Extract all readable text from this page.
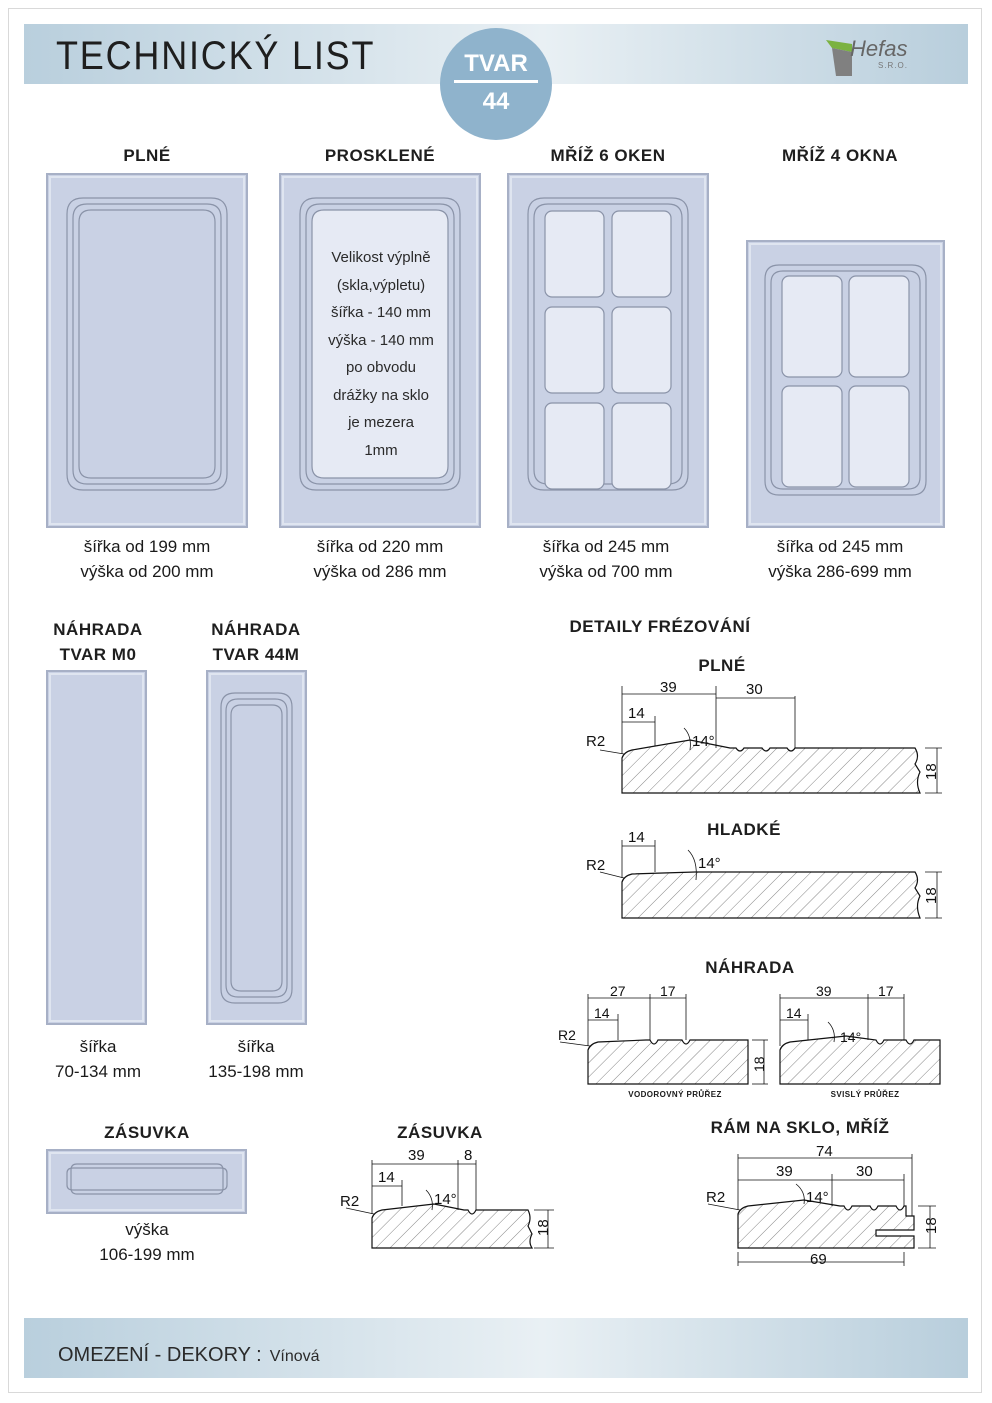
TECHNICKÝ LIST	TVAR
44
Hefas
S.R.O.
PLNÉ	PROSKLENÉ	MŘÍŽ 6 OKEN	MŘÍŽ 4 OKNA
Velikost výplně
(skla,výpletu)
šířka - 140 mm
výška - 140 mm
po obvodu
drážky na sklo
je mezera
1mm
šířka od 199 mm
výška od 200 mm
šířka od 220 mm
výška od 286 mm
šířka od 245 mm
výška od 700 mm
šířka od 245 mm
výška 286-699 mm
NÁHRADA
TVAR M0
NÁHRADA
TVAR 44M
šířka
70-134 mm
šířka
135-198 mm
ZÁSUVKA
výška
106-199 mm
DETAILY FRÉZOVÁNÍ
PLNÉ
39	30
14
14°
R2
18
HLADKÉ
14
14°
R2
18
NÁHRADA
27 17
14
R2
18
VODOROVNÝ PRŮŘEZ
39	17
14
14°
SVISLÝ PRŮŘEZ
ZÁSUVKA
39	8
14
14°
R2
18
RÁM NA SKLO, MŘÍŽ
74
39	30
14°
R2
18
69
OMEZENÍ - DEKORY : Vínová
